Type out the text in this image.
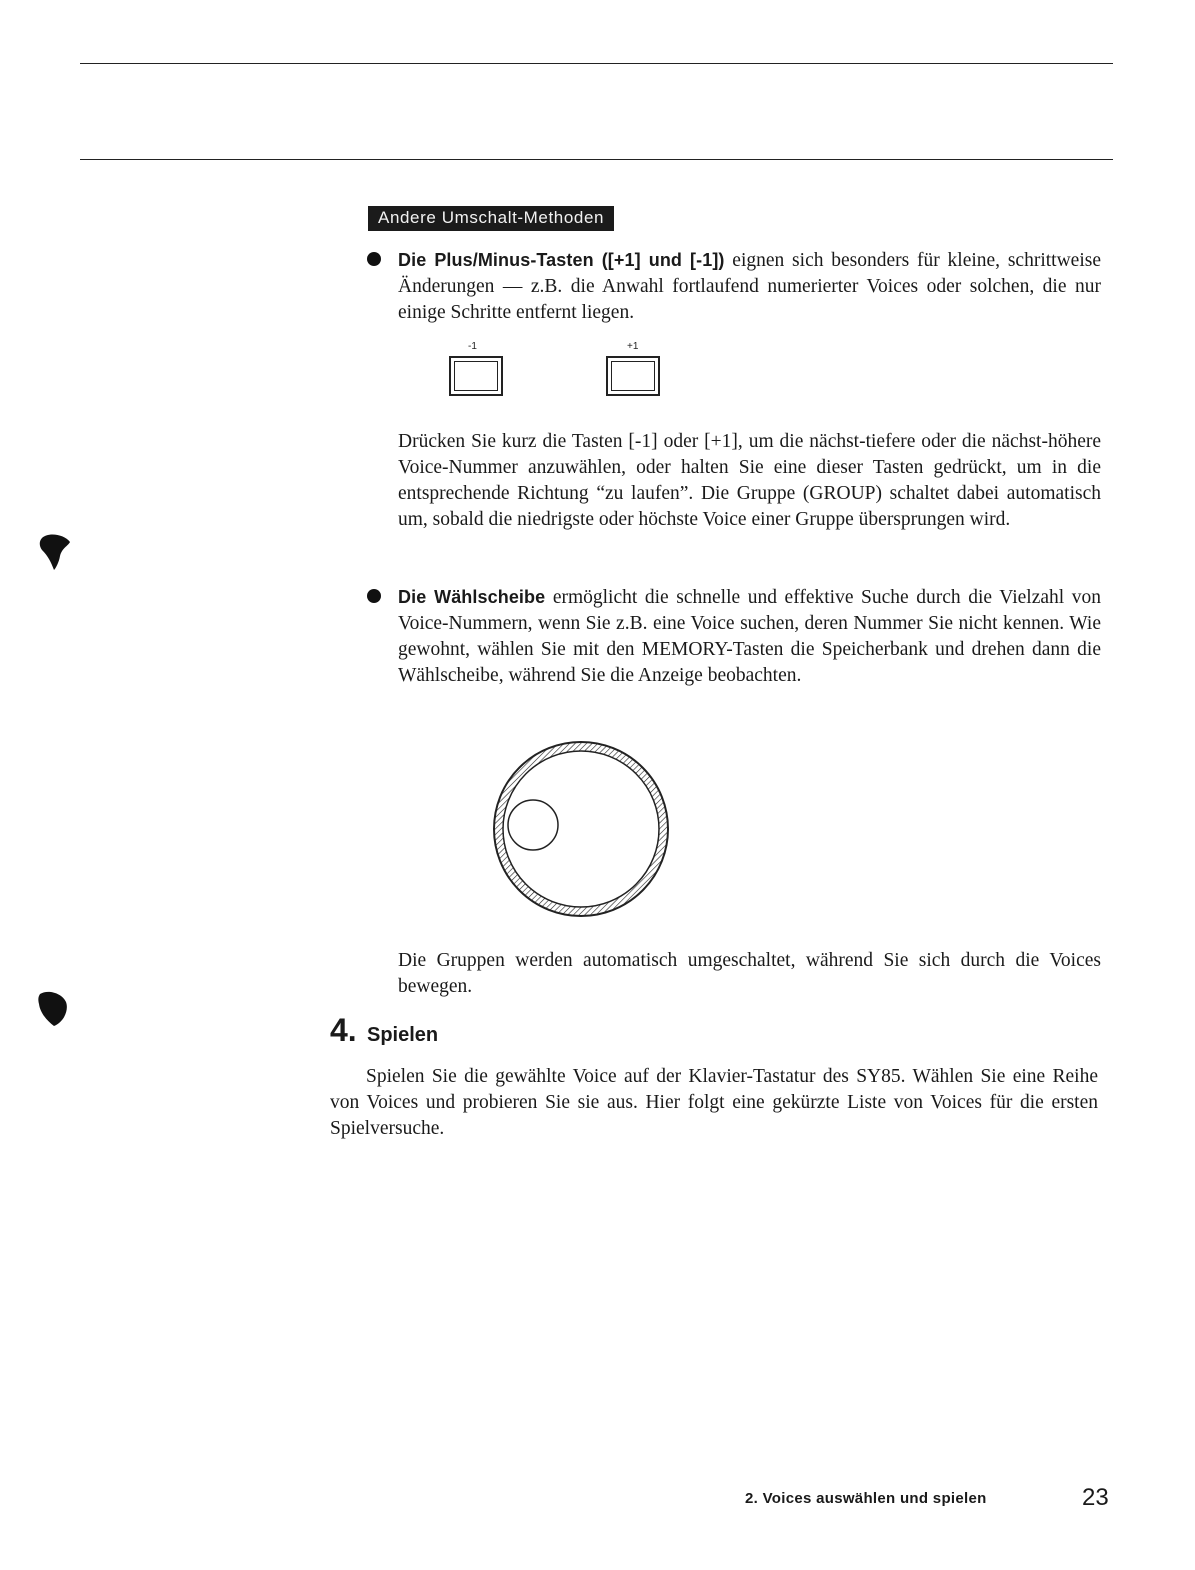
Andere Umschalt-Methoden
Die Plus/Minus-Tasten ([+1] und [-1]) eignen sich besonders für kleine, schrittweise Änderungen — z.B. die Anwahl fortlaufend numerierter Voices oder solchen, die nur einige Schritte entfernt liegen.
-1	+1
Drücken Sie kurz die Tasten [-1] oder [+1], um die nächst-tiefere oder die nächst-höhere Voice-Nummer anzuwählen, oder halten Sie eine dieser Tasten gedrückt, um in die entsprechende Richtung “zu laufen”. Die Gruppe (GROUP) schaltet dabei automatisch um, sobald die niedrigste oder höchste Voice einer Gruppe übersprungen wird.
Die Wählscheibe ermöglicht die schnelle und effektive Suche durch die Vielzahl von Voice-Nummern, wenn Sie z.B. eine Voice suchen, deren Nummer Sie nicht kennen. Wie gewohnt, wählen Sie mit den MEMORY-Tasten die Speicherbank und drehen dann die Wählscheibe, während Sie die Anzeige beobachten.
Die Gruppen werden automatisch umgeschaltet, während Sie sich durch die Voices bewegen.
4. Spielen
Spielen Sie die gewählte Voice auf der Klavier-Tastatur des SY85. Wählen Sie eine Reihe von Voices und probieren Sie sie aus. Hier folgt eine gekürzte Liste von Voices für die ersten Spielversuche.
2. Voices auswählen und spielen	23
